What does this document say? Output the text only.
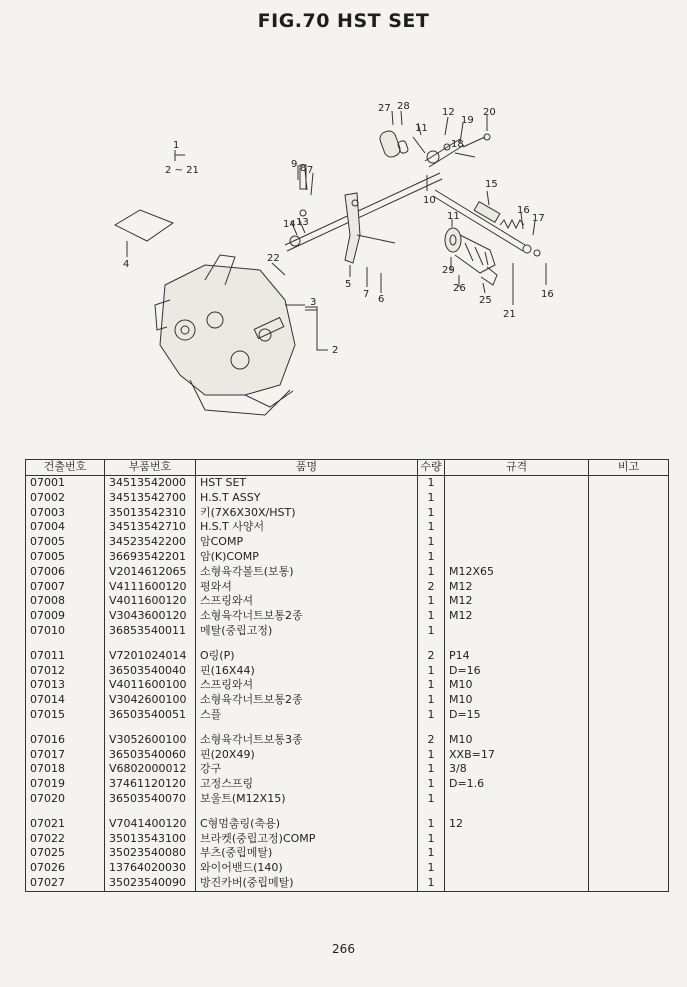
FIG.70 HST SET
1
2 ~ 21
2
3
4
5
6
7
7
8
9
10
11
11
12
13
14
15
16
16
17
18
19
20
21
22
25
26
27 28
29
건출번호	부품번호	품명	수량	규격	비고
07001	34513542000	HST SET	1		
07002	34513542700	H.S.T ASSY	1		
07003	35013542310	키(7X6X30X/HST)	1		
07004	34513542710	H.S.T 사양서	1		
07005	34523542200	암COMP	1		
07005	36693542201	암(K)COMP	1		
07006	V2014612065	소형육각볼트(보통)	1	M12X65	
07007	V4111600120	평와셔	2	M12	
07008	V4011600120	스프링와셔	1	M12	
07009	V3043600120	소형육각너트보통2종	1	M12	
07010	36853540011	메탈(중립고정)	1		

07011	V7201024014	O링(P)	2	P14	
07012	36503540040	핀(16X44)	1	D=16	
07013	V4011600100	스프링와셔	1	M10	
07014	V3042600100	소형육각너트보통2종	1	M10	
07015	36503540051	스플	1	D=15	

07016	V3052600100	소형육각너트보통3종	2	M10	
07017	36503540060	핀(20X49)	1	XXB=17	
07018	V6802000012	강구	1	3/8	
07019	37461120120	고정스프링	1	D=1.6	
07020	36503540070	보울트(M12X15)	1		

07021	V7041400120	C형멈춤링(축용)	1	12	
07022	35013543100	브라켓(중립고정)COMP	1		
07025	35023540080	부츠(중립메탈)	1		
07026	13764020030	와이어밴드(140)	1		
07027	35023540090	방진카버(중립메탈)	1		
266
